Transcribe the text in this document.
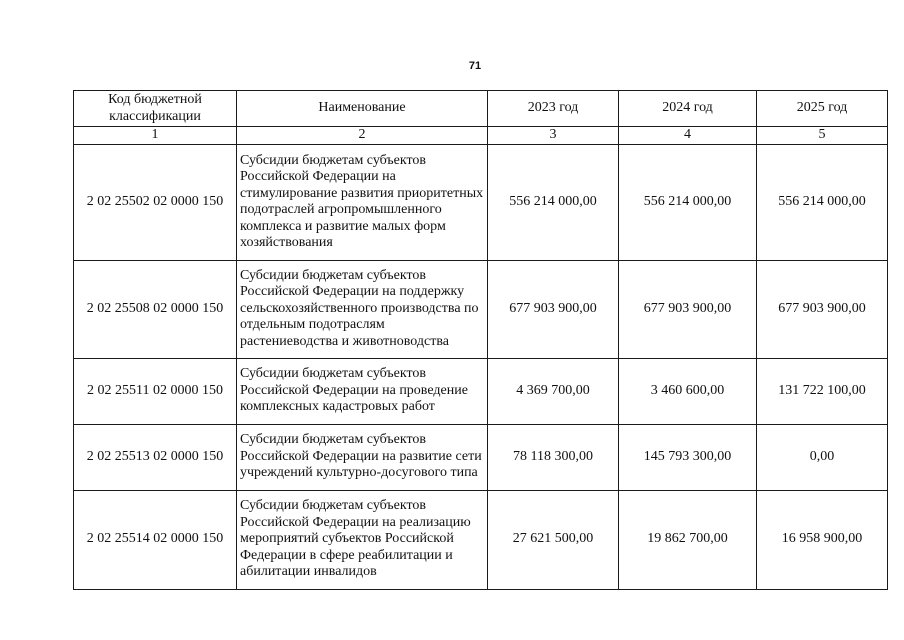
71
Код бюджетной классификации	Наименование	2023 год	2024 год	2025 год
1	2	3	4	5
2 02 25502 02 0000 150	Субсидии бюджетам субъектов Российской Федерации на стимулирование развития приоритетных подотраслей агропромышленного комплекса и развитие малых форм хозяйствования	556 214 000,00	556 214 000,00	556 214 000,00
2 02 25508 02 0000 150	Субсидии бюджетам субъектов Российской Федерации на поддержку сельскохозяйственного производства по отдельным подотраслям растениеводства и животноводства	677 903 900,00	677 903 900,00	677 903 900,00
2 02 25511 02 0000 150	Субсидии бюджетам субъектов Российской Федерации на проведение комплексных кадастровых работ	4 369 700,00	3 460 600,00	131 722 100,00
2 02 25513 02 0000 150	Субсидии бюджетам субъектов Российской Федерации на развитие сети учреждений культурно-досугового типа	78 118 300,00	145 793 300,00	0,00
2 02 25514 02 0000 150	Субсидии бюджетам субъектов Российской Федерации на реализацию мероприятий субъектов Российской Федерации в сфере реабилитации и абилитации инвалидов	27 621 500,00	19 862 700,00	16 958 900,00
